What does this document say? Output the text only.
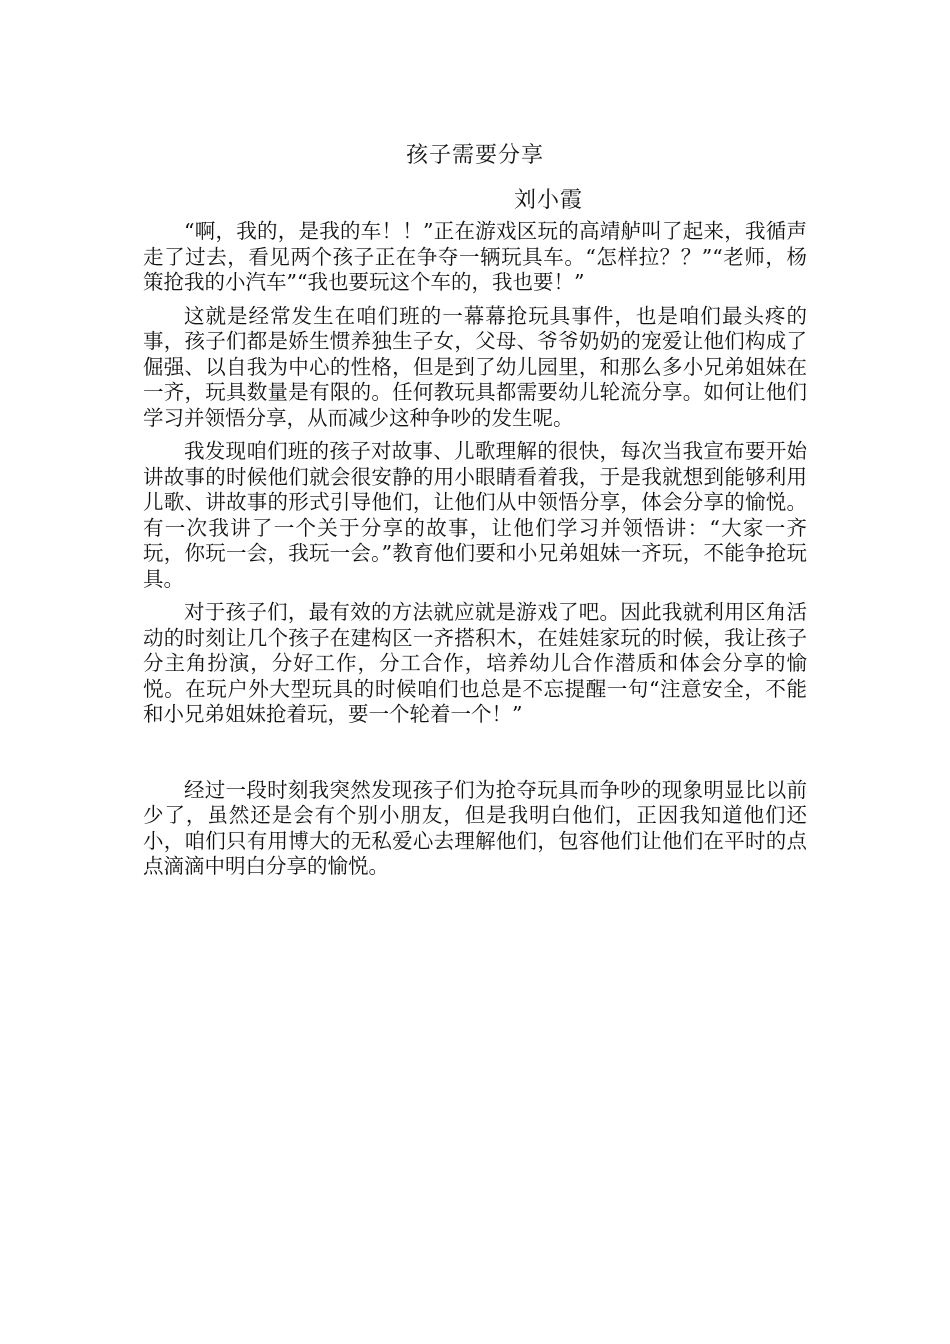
孩子需要分享
刘小霞

“啊，我的，是我的车！！”正在游戏区玩的高靖舻叫了起来，我循声走了过去，看见两个孩子正在争夺一辆玩具车。“怎样拉？？”“老师，杨策抢我的小汽车”“我也要玩这个车的，我也要！”

这就是经常发生在咱们班的一幕幕抢玩具事件，也是咱们最头疼的事，孩子们都是娇生惯养独生子女，父母、爷爷奶奶的宠爱让他们构成了倔强、以自我为中心的性格，但是到了幼儿园里，和那么多小兄弟姐妹在一齐，玩具数量是有限的。任何教玩具都需要幼儿轮流分享。如何让他们学习并领悟分享，从而减少这种争吵的发生呢。

我发现咱们班的孩子对故事、儿歌理解的很快，每次当我宣布要开始讲故事的时候他们就会很安静的用小眼睛看着我，于是我就想到能够利用儿歌、讲故事的形式引导他们，让他们从中领悟分享，体会分享的愉悦。有一次我讲了一个关于分享的故事，让他们学习并领悟讲：“大家一齐玩，你玩一会，我玩一会。”教育他们要和小兄弟姐妹一齐玩，不能争抢玩具。

对于孩子们，最有效的方法就应就是游戏了吧。因此我就利用区角活动的时刻让几个孩子在建构区一齐搭积木，在娃娃家玩的时候，我让孩子分主角扮演，分好工作，分工合作，培养幼儿合作潜质和体会分享的愉悦。在玩户外大型玩具的时候咱们也总是不忘提醒一句“注意安全，不能和小兄弟姐妹抢着玩，要一个轮着一个！”

经过一段时刻我突然发现孩子们为抢夺玩具而争吵的现象明显比以前少了，虽然还是会有个别小朋友，但是我明白他们，正因我知道他们还小，咱们只有用博大的无私爱心去理解他们，包容他们让他们在平时的点点滴滴中明白分享的愉悦。
